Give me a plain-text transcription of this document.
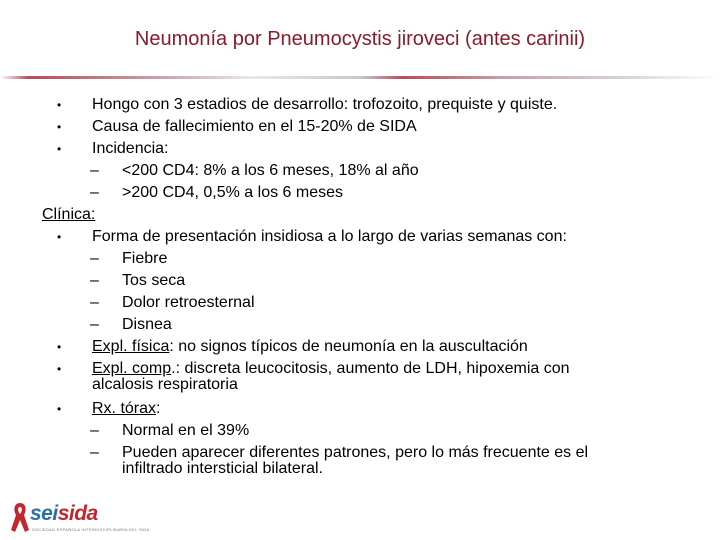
Neumonía por Pneumocystis jiroveci (antes carinii)
• Hongo con 3 estadios de desarrollo: trofozoito, prequiste y quiste.
• Causa de fallecimiento en el 15-20% de SIDA
• Incidencia:
– <200 CD4: 8% a los 6 meses, 18% al año
– >200 CD4, 0,5% a los 6 meses
Clínica:
• Forma de presentación insidiosa a lo largo de varias semanas con:
– Fiebre
– Tos seca
– Dolor retroesternal
– Disnea
• Expl. física: no signos típicos de neumonía en la auscultación
• Expl. comp.: discreta leucocitosis, aumento de LDH, hipoxemia con
alcalosis respiratoria
• Rx. tórax:
– Normal en el 39%
– Pueden aparecer diferentes patrones, pero lo más frecuente es el
infiltrado intersticial bilateral.
seisida
SOCIEDAD ESPAÑOLA INTERDISCIPLINARIA DEL SIDA
